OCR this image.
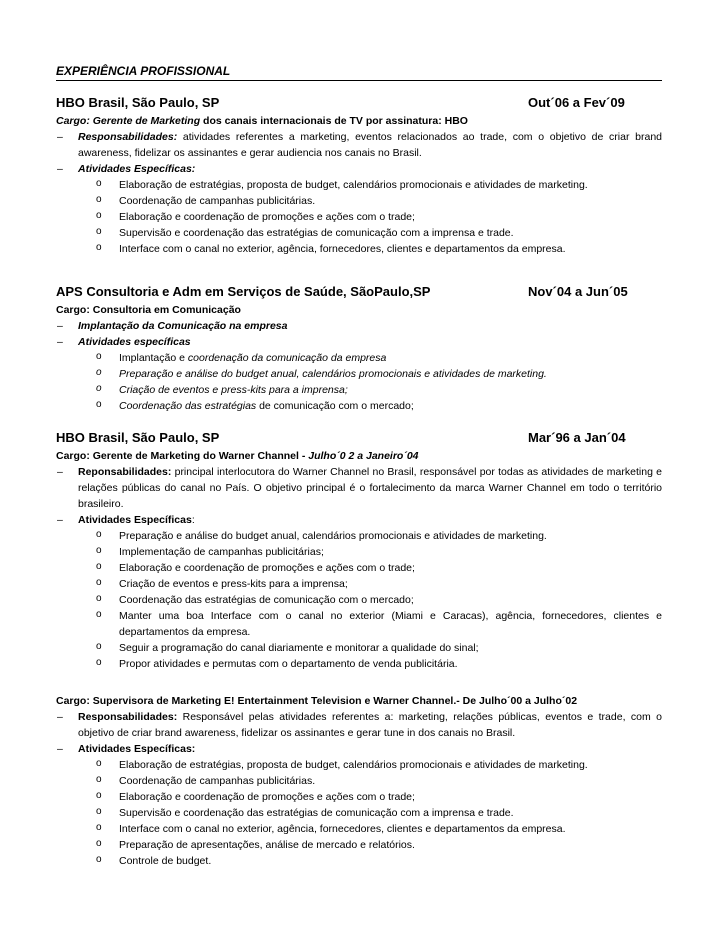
EXPERIÊNCIA PROFISSIONAL
HBO Brasil, São Paulo, SP	Out´06 a Fev´09
Cargo: Gerente de Marketing dos canais internacionais de TV por assinatura: HBO
– Responsabilidades: atividades referentes a marketing, eventos relacionados ao trade, com o objetivo de criar brand awareness, fidelizar os assinantes e gerar audiencia nos canais no Brasil.
– Atividades Específicas:
o Elaboração de estratégias, proposta de budget, calendários promocionais e atividades de marketing.
o Coordenação de campanhas publicitárias.
o Elaboração e coordenação de promoções e ações com o trade;
o Supervisão e coordenação das estratégias de comunicação com a imprensa e trade.
o Interface com o canal no exterior, agência, fornecedores, clientes e departamentos da empresa.
APS Consultoria e Adm em Serviços de Saúde, SãoPaulo,SP	Nov´04 a Jun´05
Cargo: Consultoria em Comunicação
– Implantação da Comunicação na empresa
– Atividades específicas
o Implantação e coordenação da comunicação da empresa
o Preparação e análise do budget anual, calendários promocionais e atividades de marketing.
o Criação de eventos e press-kits para a imprensa;
o Coordenação das estratégias de comunicação com o mercado;
HBO Brasil, São Paulo, SP	Mar´96 a Jan´04
Cargo: Gerente de Marketing do Warner Channel - Julho´0 2 a Janeiro´04
– Reponsabilidades: principal interlocutora do Warner Channel no Brasil, responsável por todas as atividades de marketing e relações públicas do canal no País. O objetivo principal é o fortalecimento da marca Warner Channel em todo o território brasileiro.
– Atividades Específicas:
o Preparação e análise do budget anual, calendários promocionais e atividades de marketing.
o Implementação de campanhas publicitárias;
o Elaboração e coordenação de promoções e ações com o trade;
o Criação de eventos e press-kits para a imprensa;
o Coordenação das estratégias de comunicação com o mercado;
o Manter uma boa Interface com o canal no exterior (Miami e Caracas), agência, fornecedores, clientes e departamentos da empresa.
o Seguir a programação do canal diariamente e monitorar a qualidade do sinal;
o Propor atividades e permutas com o departamento de venda publicitária.
Cargo: Supervisora de Marketing E! Entertainment Television e Warner Channel.- De Julho´00 a Julho´02
– Responsabilidades: Responsável pelas atividades referentes a: marketing, relações públicas, eventos e trade, com o objetivo de criar brand awareness, fidelizar os assinantes e gerar tune in dos canais no Brasil.
– Atividades Específicas:
o Elaboração de estratégias, proposta de budget, calendários promocionais e atividades de marketing.
o Coordenação de campanhas publicitárias.
o Elaboração e coordenação de promoções e ações com o trade;
o Supervisão e coordenação das estratégias de comunicação com a imprensa e trade.
o Interface com o canal no exterior, agência, fornecedores, clientes e departamentos da empresa.
o Preparação de apresentações, análise de mercado e relatórios.
o Controle de budget.
